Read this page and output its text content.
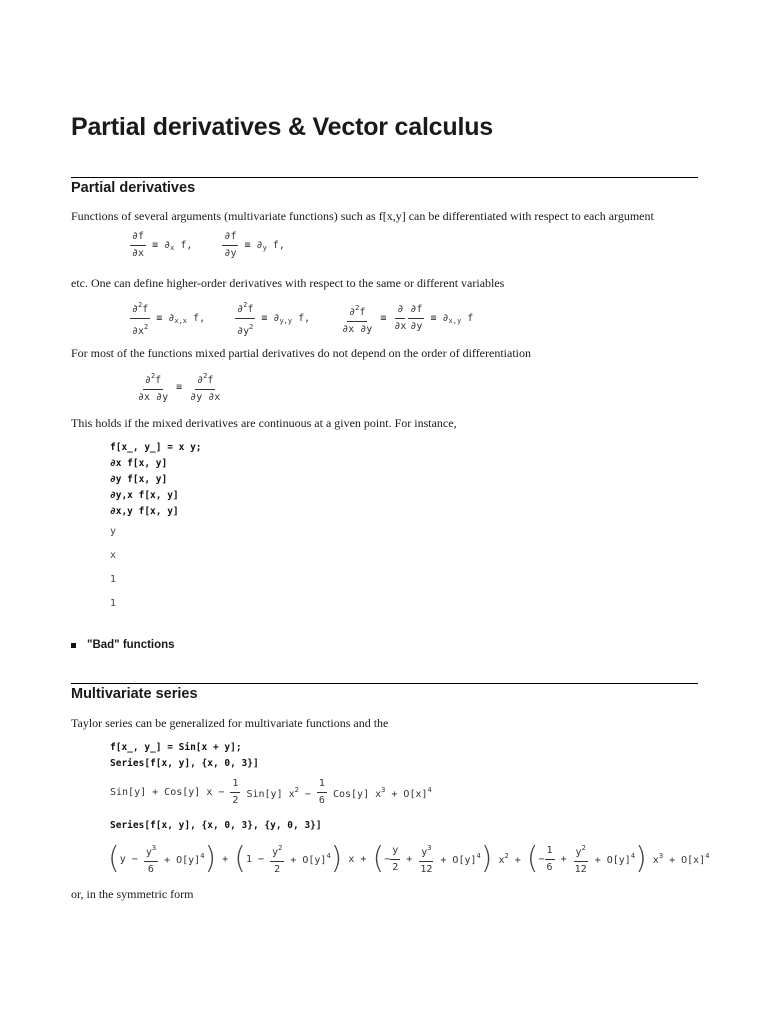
Partial derivatives & Vector calculus
Partial derivatives
Functions of several arguments (multivariate functions) such as f[x,y] can be differentiated with respect to each argument
$\frac{\partial f}{\partial x} \equiv \partial_x$ f,	$\frac{\partial f}{\partial y} \equiv \partial_y$ f,
etc. One can define higher-order derivatives with respect to the same or different variables
$\frac{\partial^2f}{\partial x^2} \equiv \partial_{x,x}$ f,	$\frac{\partial^2f}{\partial y^2} \equiv \partial_{y,y}$ f,	$\frac{\partial^2f}{\partial x \partial y} \equiv \frac{\partial}{\partial x} \frac{\partial f}{\partial y} \equiv \partial_{x,y}$ f
For most of the functions mixed partial derivatives do not depend on the order of differentiation
$\frac{\partial^2f}{\partial x \partial y} \equiv \frac{\partial^2f}{\partial y \partial x}$
This holds if the mixed derivatives are continuous at a given point. For instance,
f[x_, y_] = x y;
∂x f[x, y]
∂y f[x, y]
∂y,x f[x, y]
∂x,y f[x, y]
y
x
1
1
"Bad" functions
Multivariate series
Taylor series can be generalized for multivariate functions and the
f[x_, y_] = Sin[x + y];
Series[f[x, y], {x, 0, 3}]
Sin[y] + Cos[y] $x - \frac{1}{2} Sin[y] x^2 - \frac{1}{6} Cos[y] x^3 + O[x]^4$
Series[f[x, y], {x, 0, 3}, {y, 0, 3}]
( $y - \frac{y^3}{6} + O[y]^4$ ) + ( $1 - \frac{y^2}{2} + O[y]^4$ ) x + ( − $\frac{y}{2} + \frac{y^3}{12} + O[y]^4$ ) $x^2$ + ( − $\frac{1}{6} + \frac{y^2}{12} + O[y]^4$ ) $x^3 + O[x]^4$
or, in the symmetric form
